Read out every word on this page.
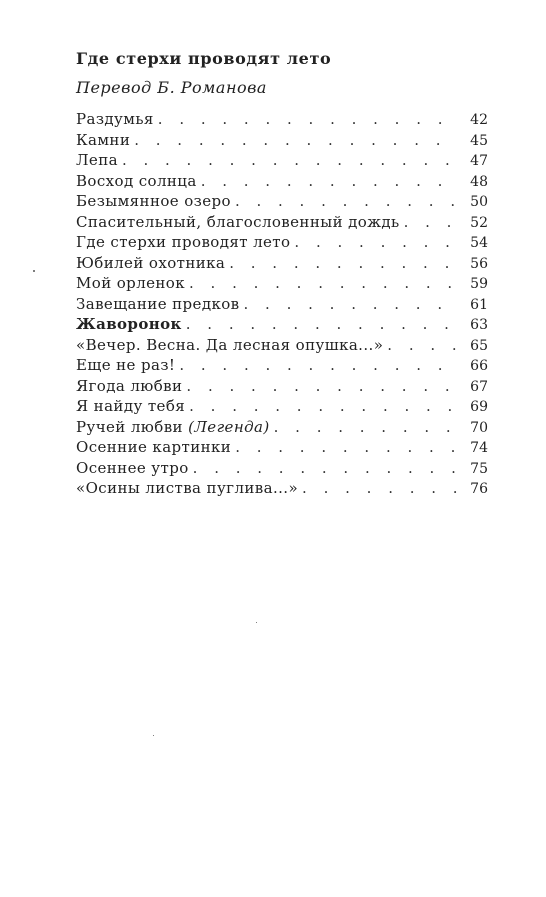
Где стерхи проводят лето
Перевод Б. Романова
Раздумья . . .	42
Камни . . .	45
Лепа . . .	47
Восход солнца . . .	48
Безымянное озеро . . .	50
Спасительный, благословенный дождь . . .	52
Где стерхи проводят лето . . .	54
Юбилей охотника . . .	56
Мой орленок . . .	59
Завещание предков . . .	61
Жаворонок . . .	63
«Вечер. Весна. Да лесная опушка...» . . .	65
Еще не раз! . . .	66
Ягода любви . . .	67
Я найду тебя . . .	69
Ручей любви (Легенда) . . .	70
Осенние картинки . . .	74
Осеннее утро . . .	75
«Осины листва пуглива...» . . .	76
